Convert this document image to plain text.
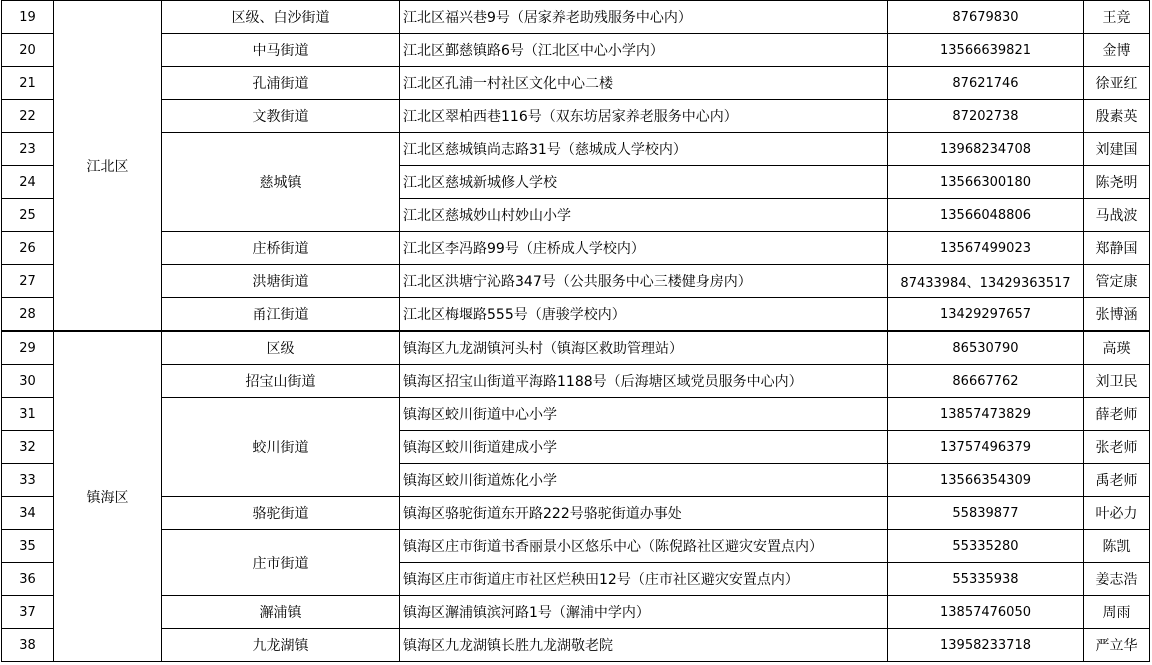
19	江北区	区级、白沙街道	江北区福兴巷9号（居家养老助残服务中心内）	87679830	王竞
20		中马街道	江北区鄞慈镇路6号（江北区中心小学内）	13566639821	金博
21		孔浦街道	江北区孔浦一村社区文化中心二楼	87621746	徐亚红
22		文教街道	江北区翠柏西巷116号（双东坊居家养老服务中心内）	87202738	殷素英
23		慈城镇	江北区慈城镇尚志路31号（慈城成人学校内）	13968234708	刘建国
24			江北区慈城新城修人学校	13566300180	陈尧明
25			江北区慈城妙山村妙山小学	13566048806	马战波
26		庄桥街道	江北区李冯路99号（庄桥成人学校内）	13567499023	郑静国
27		洪塘街道	江北区洪塘宁沁路347号（公共服务中心三楼健身房内）	87433984、13429363517	管定康
28		甬江街道	江北区梅堰路555号（唐骏学校内）	13429297657	张博涵
29	镇海区	区级	镇海区九龙湖镇河头村（镇海区救助管理站）	86530790	高瑛
30		招宝山街道	镇海区招宝山街道平海路1188号（后海塘区域党员服务中心内）	86667762	刘卫民
31		蛟川街道	镇海区蛟川街道中心小学	13857473829	薛老师
32			镇海区蛟川街道建成小学	13757496379	张老师
33			镇海区蛟川街道炼化小学	13566354309	禹老师
34		骆驼街道	镇海区骆驼街道东开路222号骆驼街道办事处	55839877	叶必力
35		庄市街道	镇海区庄市街道书香丽景小区悠乐中心（陈倪路社区避灾安置点内）	55335280	陈凯
36			镇海区庄市街道庄市社区烂秧田12号（庄市社区避灾安置点内）	55335938	姜志浩
37		澥浦镇	镇海区澥浦镇滨河路1号（澥浦中学内）	13857476050	周雨
38		九龙湖镇	镇海区九龙湖镇长胜九龙湖敬老院	13958233718	严立华
